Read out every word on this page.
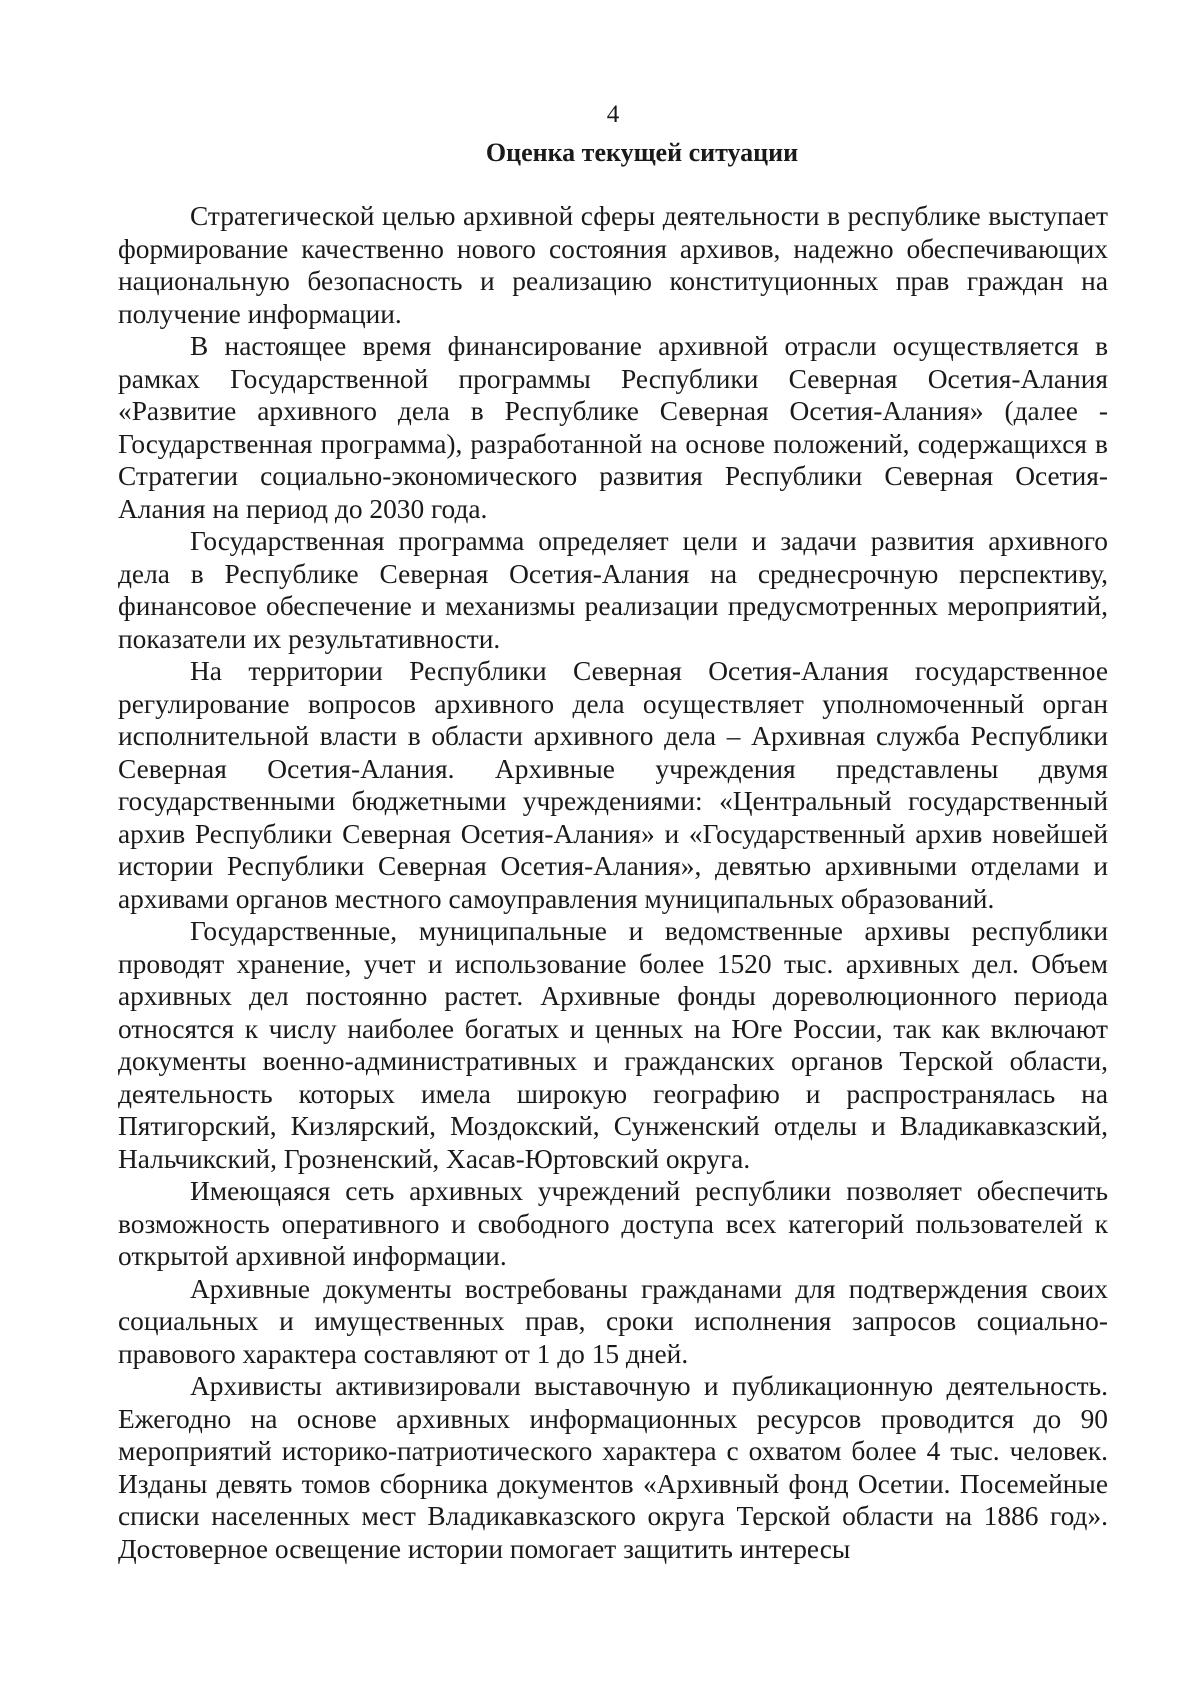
4
Оценка текущей ситуации

Стратегической целью архивной сферы деятельности в республике выступает формирование качественно нового состояния архивов, надежно обеспечивающих национальную безопасность и реализацию конституционных прав граждан на получение информации.

В настоящее время финансирование архивной отрасли осуществляется в рамках Государственной программы Республики Северная Осетия-Алания «Развитие архивного дела в Республике Северная Осетия-Алания» (далее - Государственная программа), разработанной на основе положений, содержащихся в Стратегии социально-экономического развития Республики Северная Осетия-Алания на период до 2030 года.

Государственная программа определяет цели и задачи развития архивного дела в Республике Северная Осетия-Алания на среднесрочную перспективу, финансовое обеспечение и механизмы реализации предусмотренных мероприятий, показатели их результативности.

На территории Республики Северная Осетия-Алания государственное регулирование вопросов архивного дела осуществляет уполномоченный орган исполнительной власти в области архивного дела – Архивная служба Республики Северная Осетия-Алания. Архивные учреждения представлены двумя государственными бюджетными учреждениями: «Центральный государственный архив Республики Северная Осетия-Алания» и «Государственный архив новейшей истории Республики Северная Осетия-Алания», девятью архивными отделами и архивами органов местного самоуправления муниципальных образований.

Государственные, муниципальные и ведомственные архивы республики проводят хранение, учет и использование более 1520 тыс. архивных дел. Объем архивных дел постоянно растет. Архивные фонды дореволюционного периода относятся к числу наиболее богатых и ценных на Юге России, так как включают документы военно-административных и гражданских органов Терской области, деятельность которых имела широкую географию и распространялась на Пятигорский, Кизлярский, Моздокский, Сунженский отделы и Владикавказский, Нальчикский, Грозненский, Хасав-Юртовский округа.

Имеющаяся сеть архивных учреждений республики позволяет обеспечить возможность оперативного и свободного доступа всех категорий пользователей к открытой архивной информации.

Архивные документы востребованы гражданами для подтверждения своих социальных и имущественных прав, сроки исполнения запросов социально-правового характера составляют от 1 до 15 дней.

Архивисты активизировали выставочную и публикационную деятельность. Ежегодно на основе архивных информационных ресурсов проводится до 90 мероприятий историко-патриотического характера с охватом более 4 тыс. человек. Изданы девять томов сборника документов «Архивный фонд Осетии. Посемейные списки населенных мест Владикавказского округа Терской области на 1886 год». Достоверное освещение истории помогает защитить интересы
